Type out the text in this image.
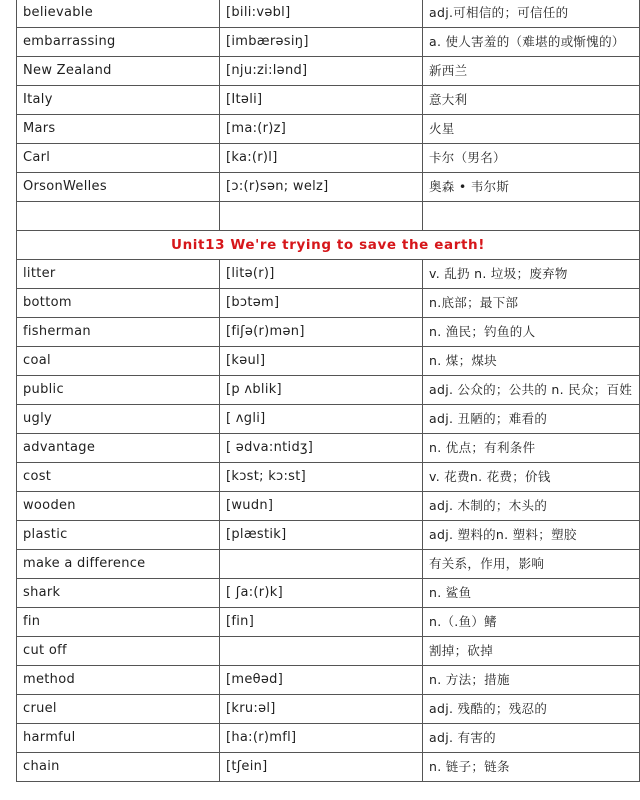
believable	[bili:vəbl]	adj.可相信的；可信任的
embarrassing	[imbærəsiŋ]	a. 使人害羞的（难堪的或惭愧的）
New Zealand	[nju:zi:lənd]	新西兰
Italy	[Itəli]	意大利
Mars	[ma:(r)z]	火星
Carl	[ka:(r)l]	卡尔（男名）
OrsonWelles	[ɔ:(r)sən; welz]	奥森 • 韦尔斯

Unit13 We're trying to save the earth!		
litter	[litə(r)]	v. 乱扔 n. 垃圾；废弃物
bottom	[bɔtəm]	n.底部；最下部
fisherman	[fiʃə(r)mən]	n. 渔民；钓鱼的人
coal	[kəul]	n. 煤；煤块
public	[p ʌblik]	adj. 公众的；公共的 n. 民众；百姓
ugly	[ ʌgli]	adj. 丑陋的；难看的
advantage	[ ədva:ntidʒ]	n. 优点；有利条件
cost	[kɔst; kɔ:st]	v. 花费n. 花费；价钱
wooden	[wudn]	adj. 木制的；木头的
plastic	[plæstik]	adj. 塑料的n. 塑料；塑胶
make a difference		有关系，作用，影响
shark	[ ʃa:(r)k]	n. 鲨鱼
fin	[fin]	n.（.鱼）鳍
cut off		割掉；砍掉
method	[meθəd]	n. 方法；措施
cruel	[kru:əl]	adj. 残酷的；残忍的
harmful	[ha:(r)mfl]	adj. 有害的
chain	[tʃein]	n. 链子；链条
